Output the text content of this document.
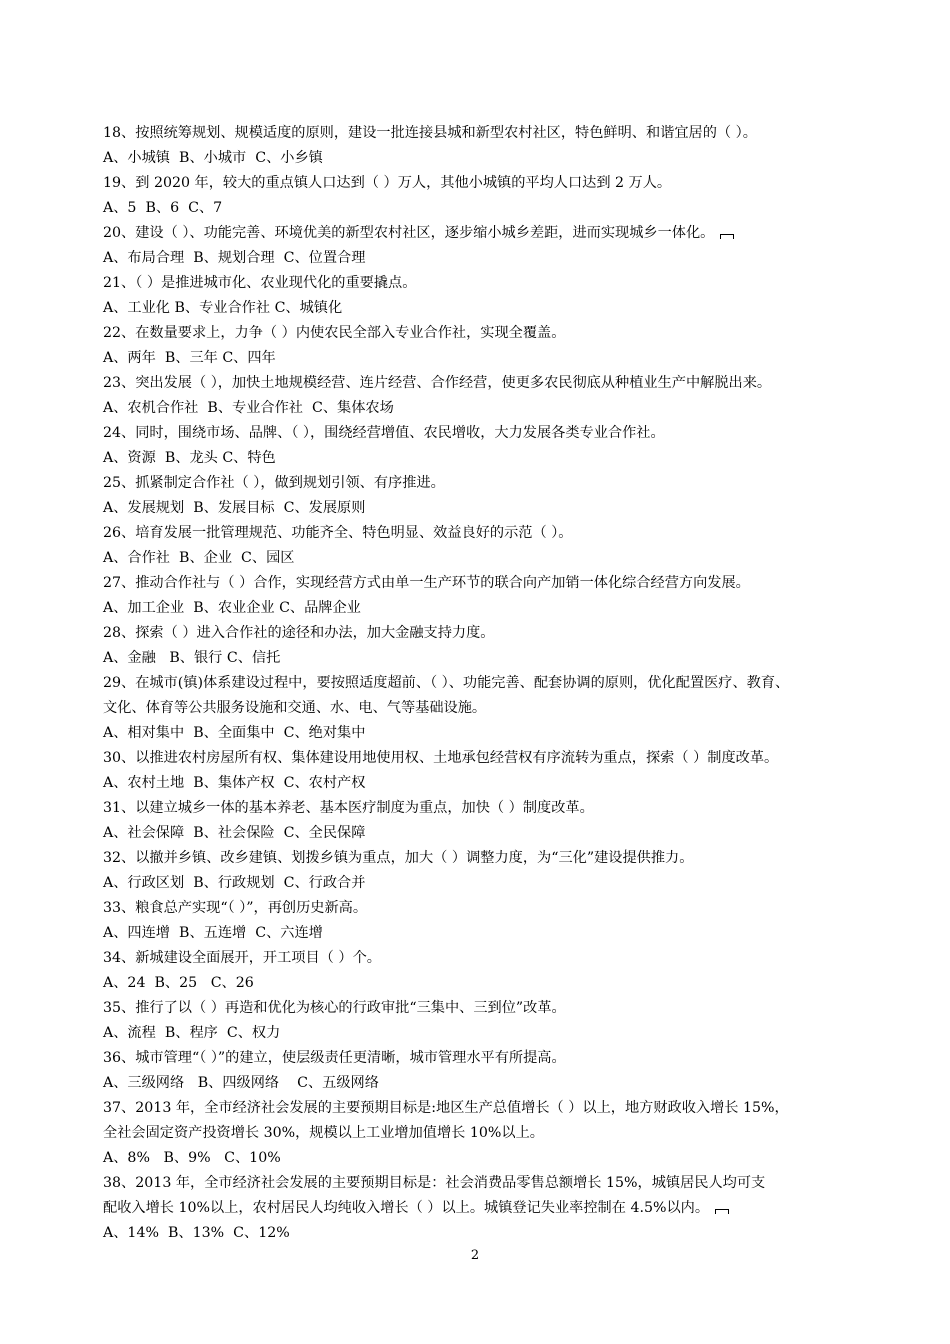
18、按照统筹规划、规模适度的原则，建设一批连接县城和新型农村社区，特色鲜明、和谐宜居的（ ）。
A、小城镇  B、小城市  C、小乡镇
19、到 2020 年，较大的重点镇人口达到（ ）万人，其他小城镇的平均人口达到 2 万人。
A、5  B、6  C、7
20、建设（ ）、功能完善、环境优美的新型农村社区，逐步缩小城乡差距，进而实现城乡一体化。
A、布局合理  B、规划合理  C、位置合理
21、（ ）是推进城市化、农业现代化的重要撬点。
A、工业化 B、专业合作社 C、城镇化
22、在数量要求上，力争（ ）内使农民全部入专业合作社，实现全覆盖。
A、两年  B、三年 C、四年
23、突出发展（ ），加快土地规模经营、连片经营、合作经营，使更多农民彻底从种植业生产中解脱出来。
A、农机合作社  B、专业合作社  C、集体农场
24、同时，围绕市场、品牌、（ ），围绕经营增值、农民增收，大力发展各类专业合作社。
A、资源  B、龙头 C、特色
25、抓紧制定合作社（ ），做到规划引领、有序推进。
A、发展规划  B、发展目标  C、发展原则
26、培育发展一批管理规范、功能齐全、特色明显、效益良好的示范（ ）。
A、合作社  B、企业  C、园区
27、推动合作社与（ ）合作，实现经营方式由单一生产环节的联合向产加销一体化综合经营方向发展。
A、加工企业  B、农业企业 C、品牌企业
28、探索（ ）进入合作社的途径和办法，加大金融支持力度。
A、金融   B、银行 C、信托
29、在城市(镇)体系建设过程中，要按照适度超前、（ ）、功能完善、配套协调的原则，优化配置医疗、教育、
文化、体育等公共服务设施和交通、水、电、气等基础设施。
A、相对集中  B、全面集中  C、绝对集中
30、以推进农村房屋所有权、集体建设用地使用权、土地承包经营权有序流转为重点，探索（ ）制度改革。
A、农村土地  B、集体产权  C、农村产权
31、以建立城乡一体的基本养老、基本医疗制度为重点，加快（ ）制度改革。
A、社会保障  B、社会保险  C、全民保障
32、以撤并乡镇、改乡建镇、划拨乡镇为重点，加大（ ）调整力度，为“三化”建设提供推力。
A、行政区划  B、行政规划  C、行政合并
33、粮食总产实现“（ ）”，再创历史新高。
A、四连增  B、五连增  C、六连增
34、新城建设全面展开，开工项目（ ）个。
A、24  B、25   C、26
35、推行了以（ ）再造和优化为核心的行政审批“三集中、三到位”改革。
A、流程  B、程序  C、权力
36、城市管理“（ ）”的建立，使层级责任更清晰，城市管理水平有所提高。
A、三级网络   B、四级网络    C、五级网络
37、2013 年，全市经济社会发展的主要预期目标是:地区生产总值增长（ ）以上，地方财政收入增长 15%，
全社会固定资产投资增长 30%，规模以上工业增加值增长 10%以上。
A、8%   B、9%   C、10%
38、2013 年，全市经济社会发展的主要预期目标是：社会消费品零售总额增长 15%，城镇居民人均可支
配收入增长 10%以上，农村居民人均纯收入增长（ ）以上。城镇登记失业率控制在 4.5%以内。
A、14%  B、13%  C、12%
2
